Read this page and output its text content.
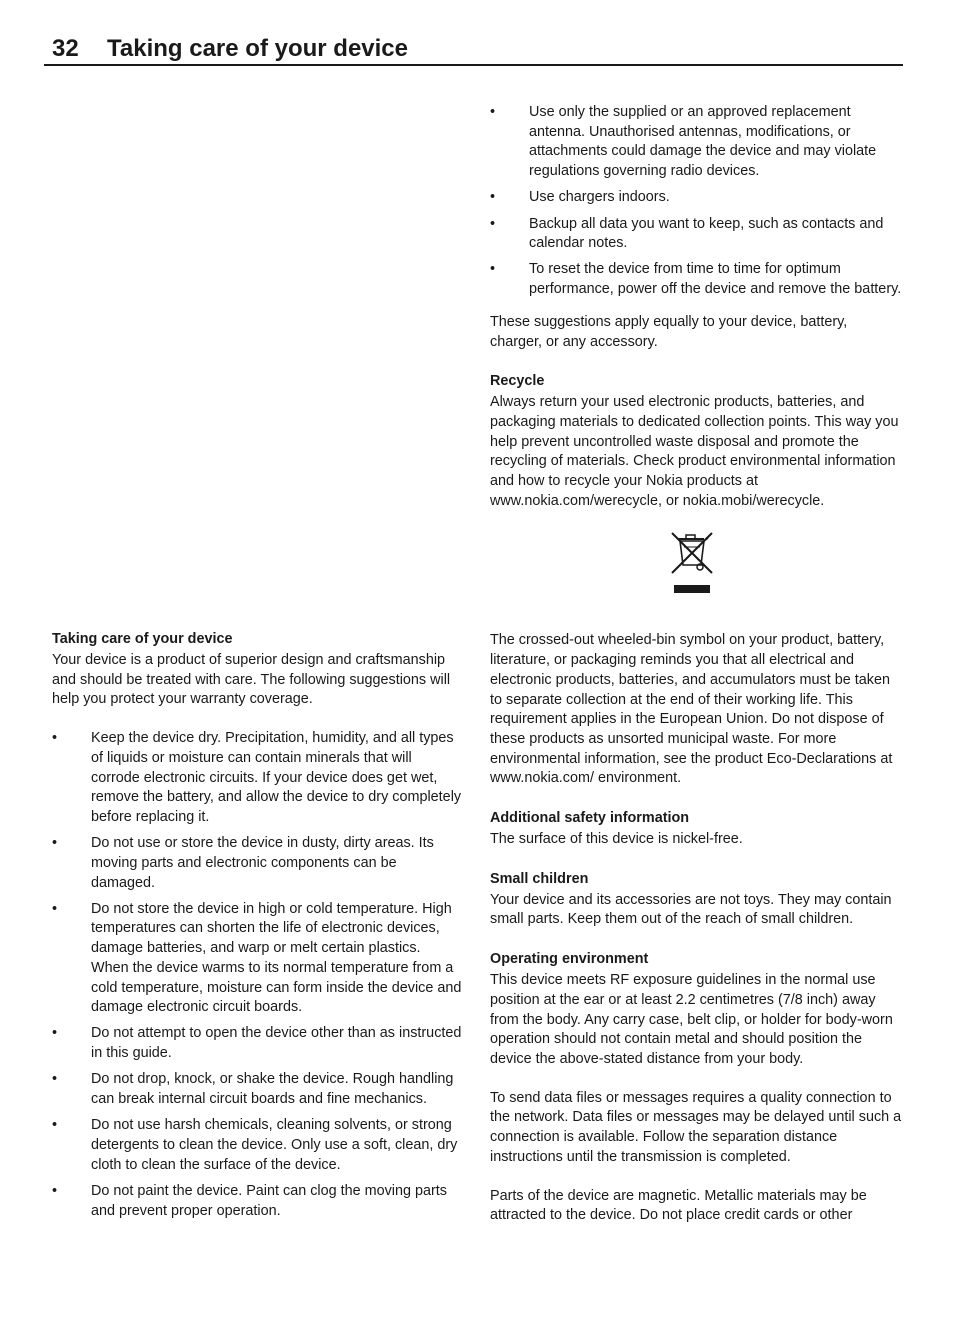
32 Taking care of your device
Taking care of your device

Your device is a product of superior design and craftsmanship and should be treated with care. The following suggestions will help you protect your warranty coverage.

• Keep the device dry. Precipitation, humidity, and all types of liquids or moisture can contain minerals that will corrode electronic circuits. If your device does get wet, remove the battery, and allow the device to dry completely before replacing it.
• Do not use or store the device in dusty, dirty areas. Its moving parts and electronic components can be damaged.
• Do not store the device in high or cold temperature. High temperatures can shorten the life of electronic devices, damage batteries, and warp or melt certain plastics. When the device warms to its normal temperature from a cold temperature, moisture can form inside the device and damage electronic circuit boards.
• Do not attempt to open the device other than as instructed in this guide.
• Do not drop, knock, or shake the device. Rough handling can break internal circuit boards and fine mechanics.
• Do not use harsh chemicals, cleaning solvents, or strong detergents to clean the device. Only use a soft, clean, dry cloth to clean the surface of the device.
• Do not paint the device. Paint can clog the moving parts and prevent proper operation.
• Use only the supplied or an approved replacement antenna. Unauthorised antennas, modifications, or attachments could damage the device and may violate regulations governing radio devices.
• Use chargers indoors.
• Backup all data you want to keep, such as contacts and calendar notes.
• To reset the device from time to time for optimum performance, power off the device and remove the battery.

These suggestions apply equally to your device, battery, charger, or any accessory.

Recycle

Always return your used electronic products, batteries, and packaging materials to dedicated collection points. This way you help prevent uncontrolled waste disposal and promote the recycling of materials. Check product environmental information and how to recycle your Nokia products at www.nokia.com/werecycle, or nokia.mobi/werecycle.

The crossed-out wheeled-bin symbol on your product, battery, literature, or packaging reminds you that all electrical and electronic products, batteries, and accumulators must be taken to separate collection at the end of their working life. This requirement applies in the European Union. Do not dispose of these products as unsorted municipal waste. For more environmental information, see the product Eco-Declarations at www.nokia.com/ environment.

Additional safety information

The surface of this device is nickel-free.

Small children

Your device and its accessories are not toys. They may contain small parts. Keep them out of the reach of small children.

Operating environment

This device meets RF exposure guidelines in the normal use position at the ear or at least 2.2 centimetres (7/8 inch) away from the body. Any carry case, belt clip, or holder for body-worn operation should not contain metal and should position the device the above-stated distance from your body.

To send data files or messages requires a quality connection to the network. Data files or messages may be delayed until such a connection is available. Follow the separation distance instructions until the transmission is completed.

Parts of the device are magnetic. Metallic materials may be attracted to the device. Do not place credit cards or other
